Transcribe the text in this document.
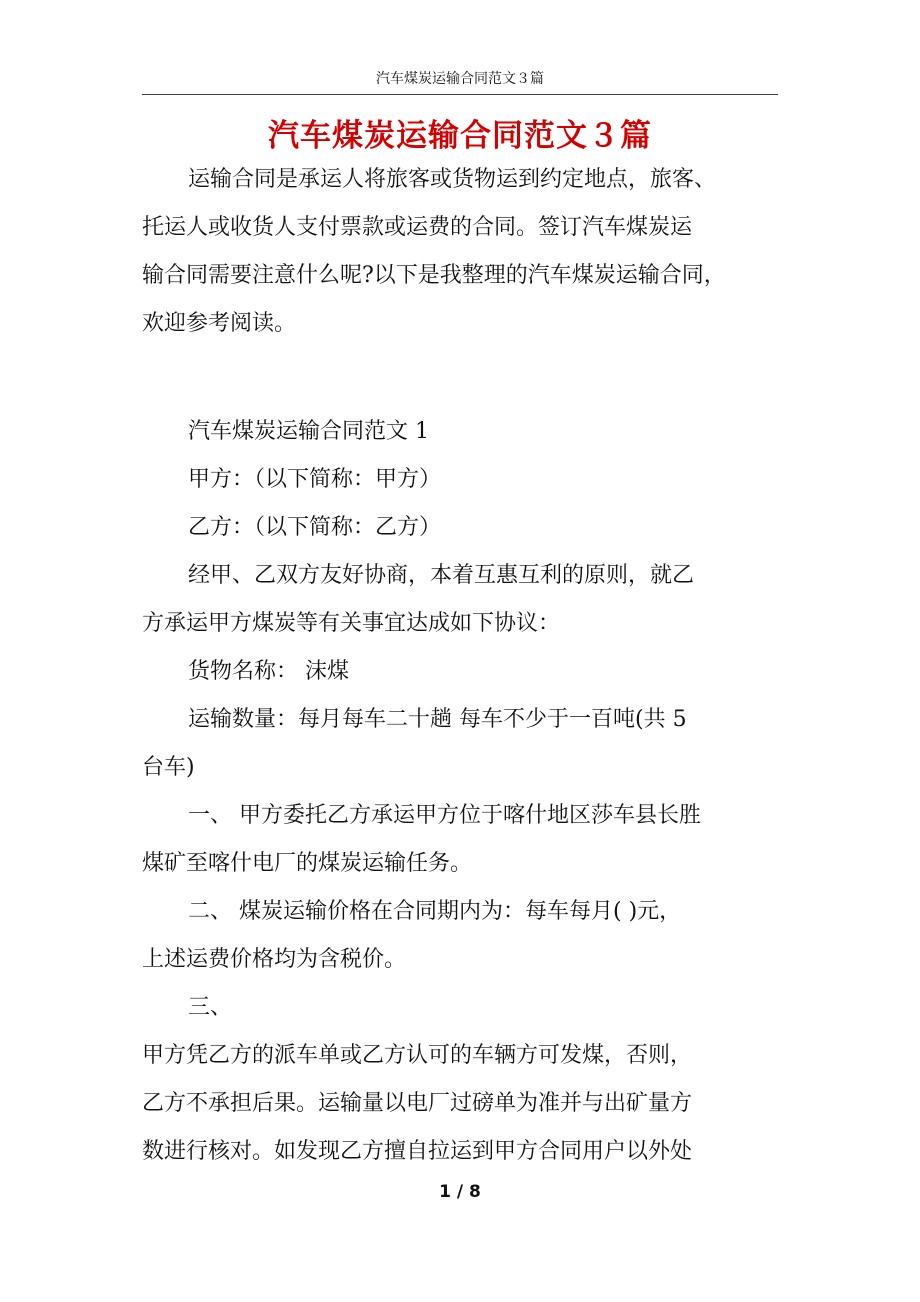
汽车煤炭运输合同范文３篇
汽车煤炭运输合同范文３篇

运输合同是承运人将旅客或货物运到约定地点，旅客、

托运人或收货人支付票款或运费的合同。签订汽车煤炭运

输合同需要注意什么呢?以下是我整理的汽车煤炭运输合同，

欢迎参考阅读。

汽车煤炭运输合同范文 1

甲方：（以下简称：甲方）

乙方：（以下简称：乙方）

经甲、乙双方友好协商，本着互惠互利的原则，就乙

方承运甲方煤炭等有关事宜达成如下协议：

货物名称： 沫煤

运输数量：每月每车二十趟 每车不少于一百吨(共 5

台车)

一、 甲方委托乙方承运甲方位于喀什地区莎车县长胜

煤矿至喀什电厂的煤炭运输任务。

二、 煤炭运输价格在合同期内为：每车每月( )元，

上述运费价格均为含税价。

三、

甲方凭乙方的派车单或乙方认可的车辆方可发煤，否则，

乙方不承担后果。运输量以电厂过磅单为准并与出矿量方

数进行核对。如发现乙方擅自拉运到甲方合同用户以外处

1 / 8
